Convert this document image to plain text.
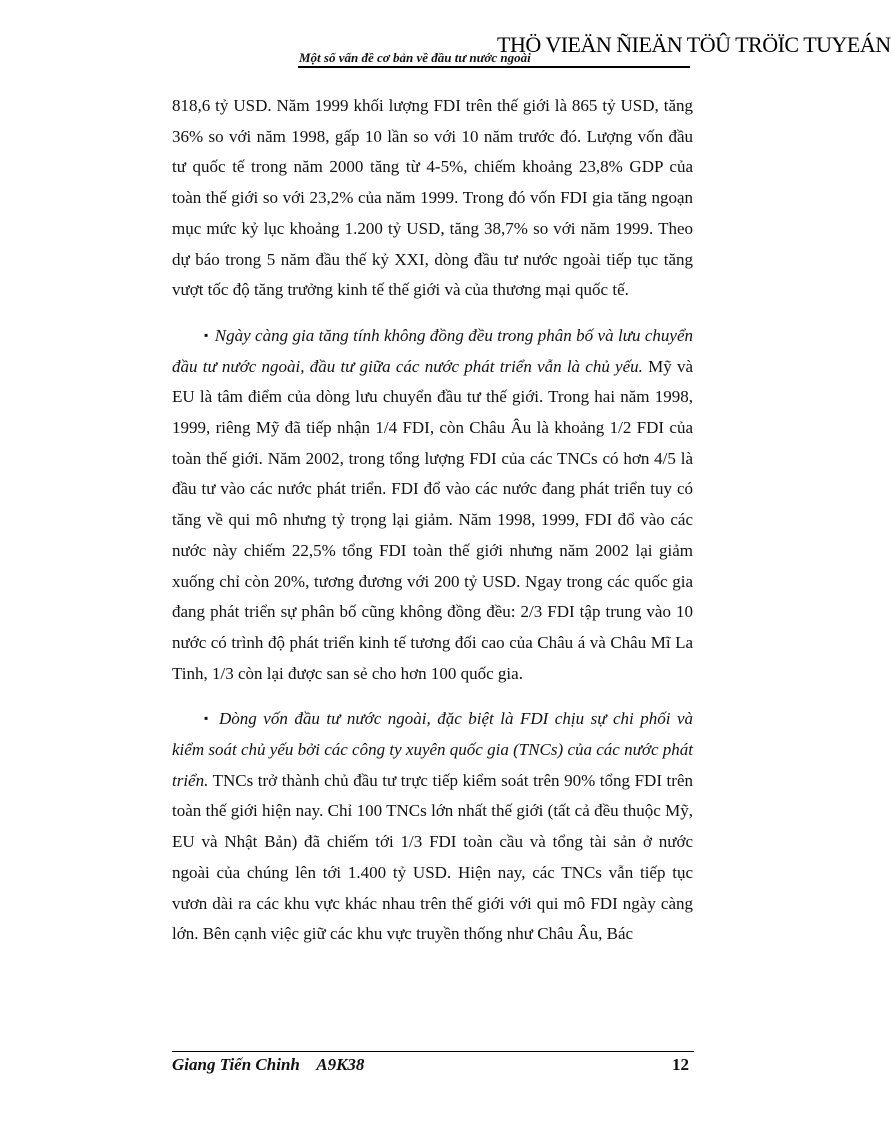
Một số vấn đề cơ bản về đầu tư nước ngoài
THÖ VIEÄN ÑIEÄN TÖÛ TRÖÏC TUYEÁN

818,6 tỷ USD. Năm 1999 khối lượng FDI trên thế giới là 865 tỷ USD, tăng 36% so với năm 1998, gấp 10 lần so với 10 năm trước đó. Lượng vốn đầu tư quốc tế trong năm 2000 tăng từ 4-5%, chiếm khoảng 23,8% GDP của toàn thế giới so với 23,2% của năm 1999. Trong đó vốn FDI gia tăng ngoạn mục mức kỷ lục khoảng 1.200 tỷ USD, tăng 38,7% so với năm 1999. Theo dự báo trong 5 năm đầu thế kỷ XXI, dòng đầu tư nước ngoài tiếp tục tăng vượt tốc độ tăng trưởng kinh tế thế giới và của thương mại quốc tế.

▪ Ngày càng gia tăng tính không đồng đều trong phân bố và lưu chuyển đầu tư nước ngoài, đầu tư giữa các nước phát triển vẫn là chủ yếu. Mỹ và EU là tâm điểm của dòng lưu chuyển đầu tư thế giới. Trong hai năm 1998, 1999, riêng Mỹ đã tiếp nhận 1/4 FDI, còn Châu Âu là khoảng 1/2 FDI của toàn thế giới. Năm 2002, trong tổng lượng FDI của các TNCs có hơn 4/5 là đầu tư vào các nước phát triển. FDI đổ vào các nước đang phát triển tuy có tăng về qui mô nhưng tỷ trọng lại giảm. Năm 1998, 1999, FDI đổ vào các nước này chiếm 22,5% tổng FDI toàn thế giới nhưng năm 2002 lại giảm xuống chỉ còn 20%, tương đương với 200 tỷ USD. Ngay trong các quốc gia đang phát triển sự phân bố cũng không đồng đều: 2/3 FDI tập trung vào 10 nước có trình độ phát triển kinh tế tương đối cao của Châu á và Châu Mĩ La Tinh, 1/3 còn lại được san sẻ cho hơn 100 quốc gia.

▪ Dòng vốn đầu tư nước ngoài, đặc biệt là FDI chịu sự chi phối và kiểm soát chủ yếu bởi các công ty xuyên quốc gia (TNCs) của các nước phát triển. TNCs trở thành chủ đầu tư trực tiếp kiểm soát trên 90% tổng FDI trên toàn thế giới hiện nay. Chỉ 100 TNCs lớn nhất thế giới (tất cả đều thuộc Mỹ, EU và Nhật Bản) đã chiếm tới 1/3 FDI toàn cầu và tổng tài sản ở nước ngoài của chúng lên tới 1.400 tỷ USD. Hiện nay, các TNCs vẫn tiếp tục vươn dài ra các khu vực khác nhau trên thế giới với qui mô FDI ngày càng lớn. Bên cạnh việc giữ các khu vực truyền thống như Châu Âu, Bác

Giang Tiến Chinh    A9K38	12
